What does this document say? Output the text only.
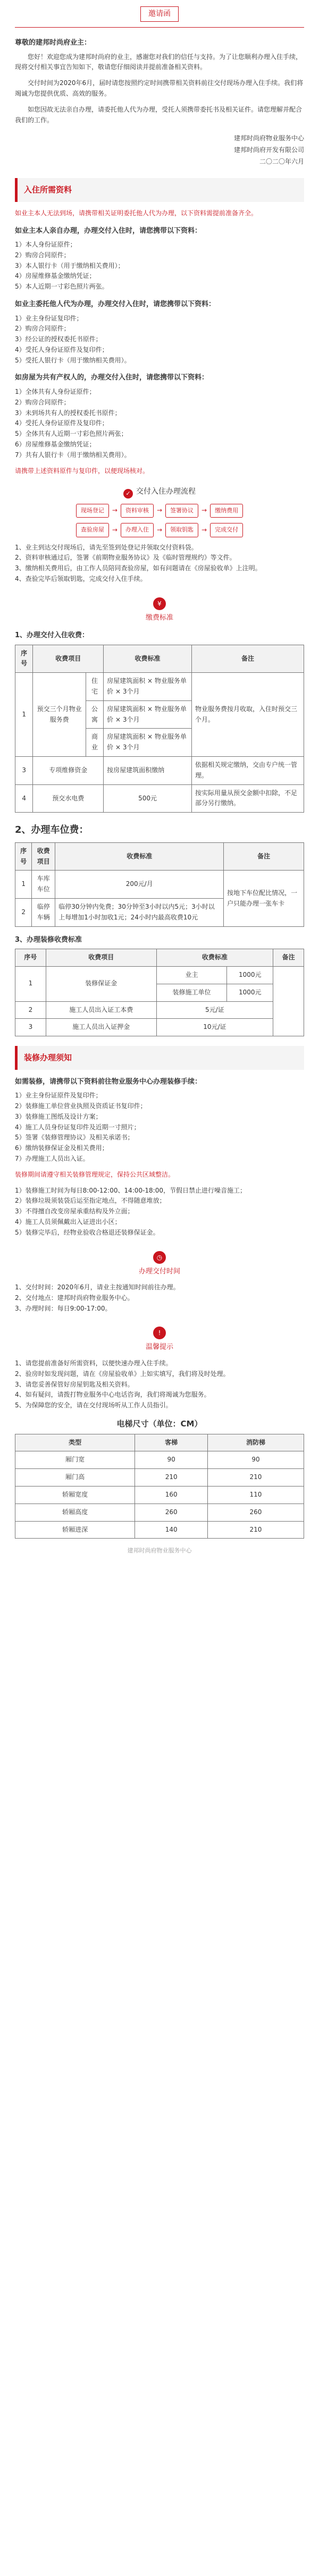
邀请函
尊敬的建邦时尚府业主：

您好！欢迎您成为建邦时尚府的业主，感谢您对我们的信任与支持。为了让您顺利办理入住手续，现将交付相关事宜告知如下，敬请您仔细阅读并提前准备相关资料。

交付时间为2020年6月，届时请您按照约定时间携带相关资料前往交付现场办理入住手续。我们将竭诚为您提供优质、高效的服务。

如您因故无法亲自办理，请委托他人代为办理，受托人须携带委托书及相关证件。请您理解并配合我们的工作。

建邦时尚府物业服务中心
建邦时尚府开发有限公司
二〇二〇年六月
入住所需资料
如业主本人无法到场，请携带相关证明委托他人代为办理，以下资料需提前准备齐全。
如业主本人亲自办理，办理交付入住时，请您携带以下资料：
1）本人身份证原件；
2）购房合同原件；
3）本人银行卡（用于缴纳相关费用）；
4）房屋维修基金缴纳凭证；
5）本人近期一寸彩色照片两张。
如业主委托他人代为办理，办理交付入住时，请您携带以下资料：
1）业主身份证复印件；
2）购房合同原件；
3）经公证的授权委托书原件；
4）受托人身份证原件及复印件；
5）受托人银行卡（用于缴纳相关费用）。
如房屋为共有产权人的，办理交付入住时，请您携带以下资料：
1）全体共有人身份证原件；
2）购房合同原件；
3）未到场共有人的授权委托书原件；
4）受托人身份证原件及复印件；
5）全体共有人近期一寸彩色照片两张；
6）房屋维修基金缴纳凭证；
7）共有人银行卡（用于缴纳相关费用）。
请携带上述资料原件与复印件，以便现场核对。
✓ 交付入住办理流程
现场登记	→	资料审核	→	签署协议	→	缴纳费用
查验房屋	→	办理入住	→	领取钥匙	→	完成交付
1、业主到达交付现场后，请先至签到处登记并领取交付资料袋。
2、资料审核通过后，签署《前期物业服务协议》及《临时管理规约》等文件。
3、缴纳相关费用后，由工作人员陪同查验房屋，如有问题请在《房屋验收单》上注明。
4、查验完毕后领取钥匙，完成交付入住手续。
¥
缴费标准
1、办理交付入住收费：
序号	收费项目		收费标准	备注
1	预交三个月物业服务费	住宅	房屋建筑面积 × 物业服务单价 × 3个月	物业服务费按月收取，入住时预交三个月。
		公寓	房屋建筑面积 × 物业服务单价 × 3个月	
		商业	房屋建筑面积 × 物业服务单价 × 3个月	
3	专项维修资金		按房屋建筑面积缴纳	依据相关规定缴纳，交由专户统一管理。
4	预交水电费		500元	按实际用量从预交金额中扣除，不足部分另行缴纳。
2、办理车位费：
序号	收费项目	收费标准	备注
1	车库车位	200元/月	按地下车位配比情况，一户只能办理一张车卡
2	临停车辆	临停30分钟内免费；30分钟至3小时以内5元；3小时以上每增加1小时加收1元；24小时内最高收费10元	
3、办理装修收费标准
序号	收费项目	收费标准		备注
1	装修保证金	业主	1000元	
		装修施工单位	1000元	
2	施工人员出入证工本费	5元/证		
3	施工人员出入证押金	10元/证		
装修办理须知
如需装修，请携带以下资料前往物业服务中心办理装修手续：
1）业主身份证原件及复印件；
2）装修施工单位营业执照及资质证书复印件；
3）装修施工图纸及设计方案；
4）施工人员身份证复印件及近期一寸照片；
5）签署《装修管理协议》及相关承诺书；
6）缴纳装修保证金及相关费用；
7）办理施工人员出入证。
装修期间请遵守相关装修管理规定，保持公共区域整洁。
1）装修施工时间为每日8:00-12:00、14:00-18:00，节假日禁止进行噪音施工；
2）装修垃圾须装袋后运至指定地点，不得随意堆放；
3）不得擅自改变房屋承重结构及外立面；
4）施工人员须佩戴出入证进出小区；
5）装修完毕后，经物业验收合格退还装修保证金。
◷
办理交付时间
1、交付时间：2020年6月，请业主按通知时间前往办理。
2、交付地点：建邦时尚府物业服务中心。
3、办理时间：每日9:00-17:00。
!
温馨提示
1、请您提前准备好所需资料，以便快速办理入住手续。
2、验房时如发现问题，请在《房屋验收单》上如实填写，我们将及时处理。
3、请您妥善保管好房屋钥匙及相关资料。
4、如有疑问，请拨打物业服务中心电话咨询，我们将竭诚为您服务。
5、为保障您的安全，请在交付现场听从工作人员指引。
电梯尺寸（单位：CM）
类型	客梯	消防梯
厢门宽	90	90
厢门高	210	210
轿厢宽度	160	110
轿厢高度	260	260
轿厢进深	140	210
建邦时尚府物业服务中心
